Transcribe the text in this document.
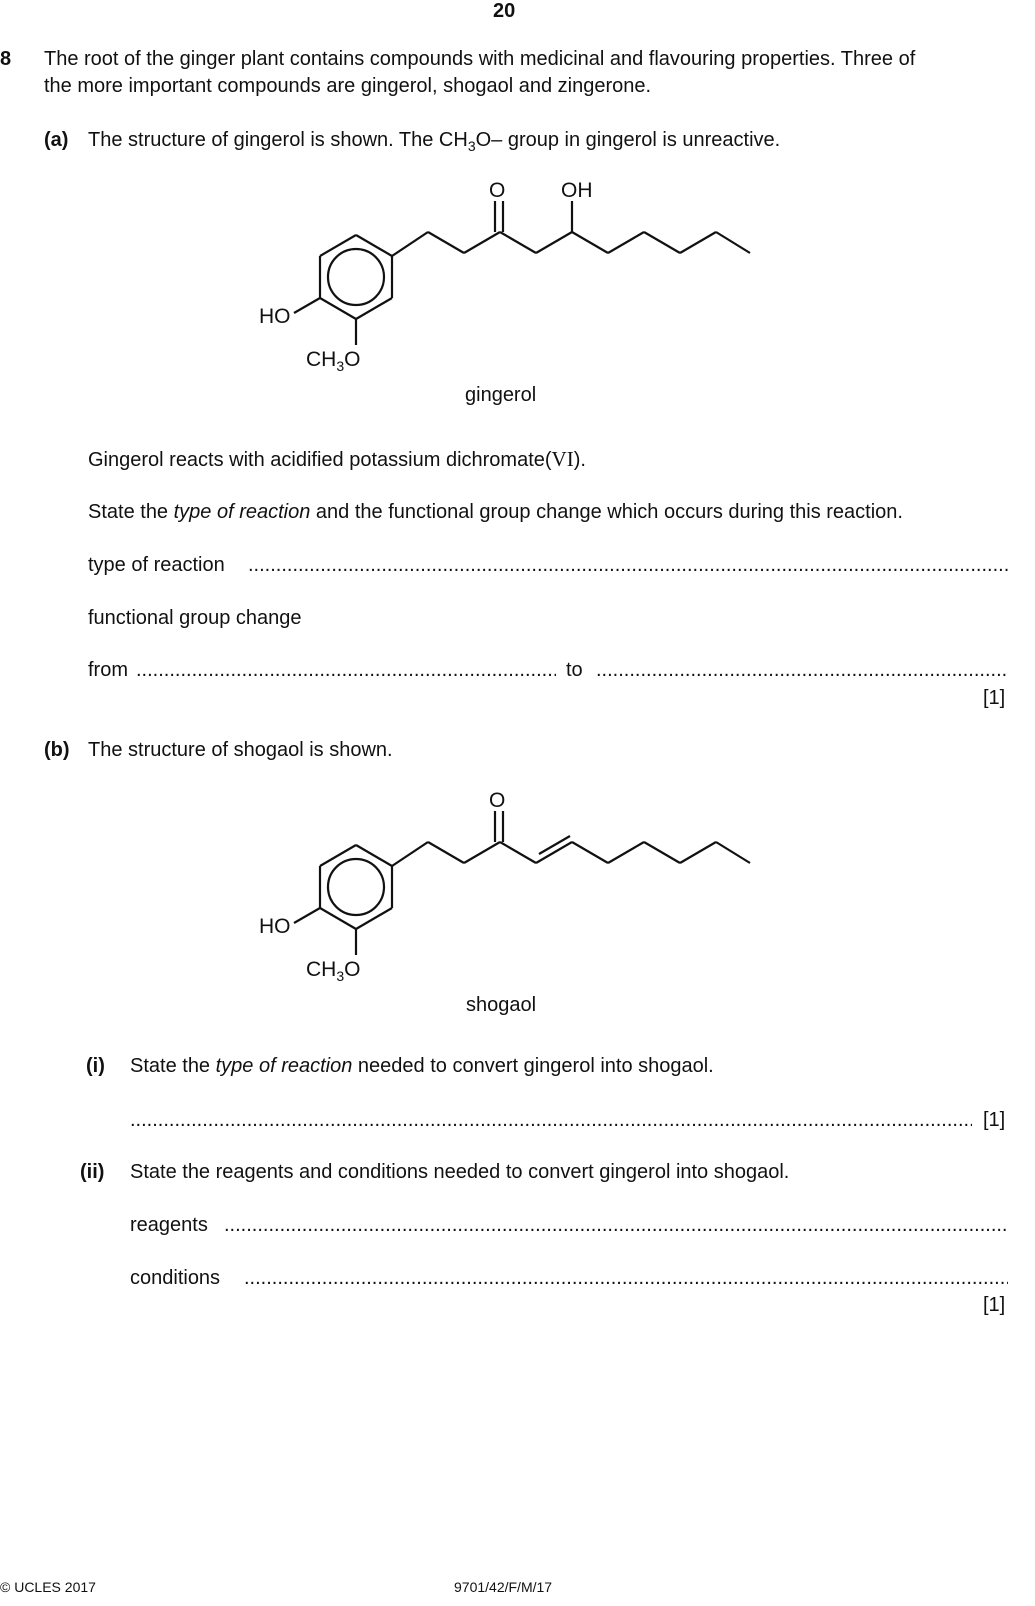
20
8 The root of the ginger plant contains compounds with medicinal and flavouring properties. Three of
the more important compounds are gingerol, shogaol and zingerone.
(a) The structure of gingerol is shown. The $CH_3O-$ group in gingerol is unreactive.
O	OH
HO
$CH_3O$
gingerol
Gingerol reacts with acidified potassium dichromate(VI).
State the type of reaction and the functional group change which occurs during this reaction.
type of reaction
.....
functional group change
from
.....	to
.....
[1]
(b) The structure of shogaol is shown.
O
HO
$CH_3O$
shogaol
(i) State the type of reaction needed to convert gingerol into shogaol.
.....
[1]
(ii) State the reagents and conditions needed to convert gingerol into shogaol.
reagents
.....
conditions
.....
[1]
© UCLES 2017	9701/42/F/M/17
